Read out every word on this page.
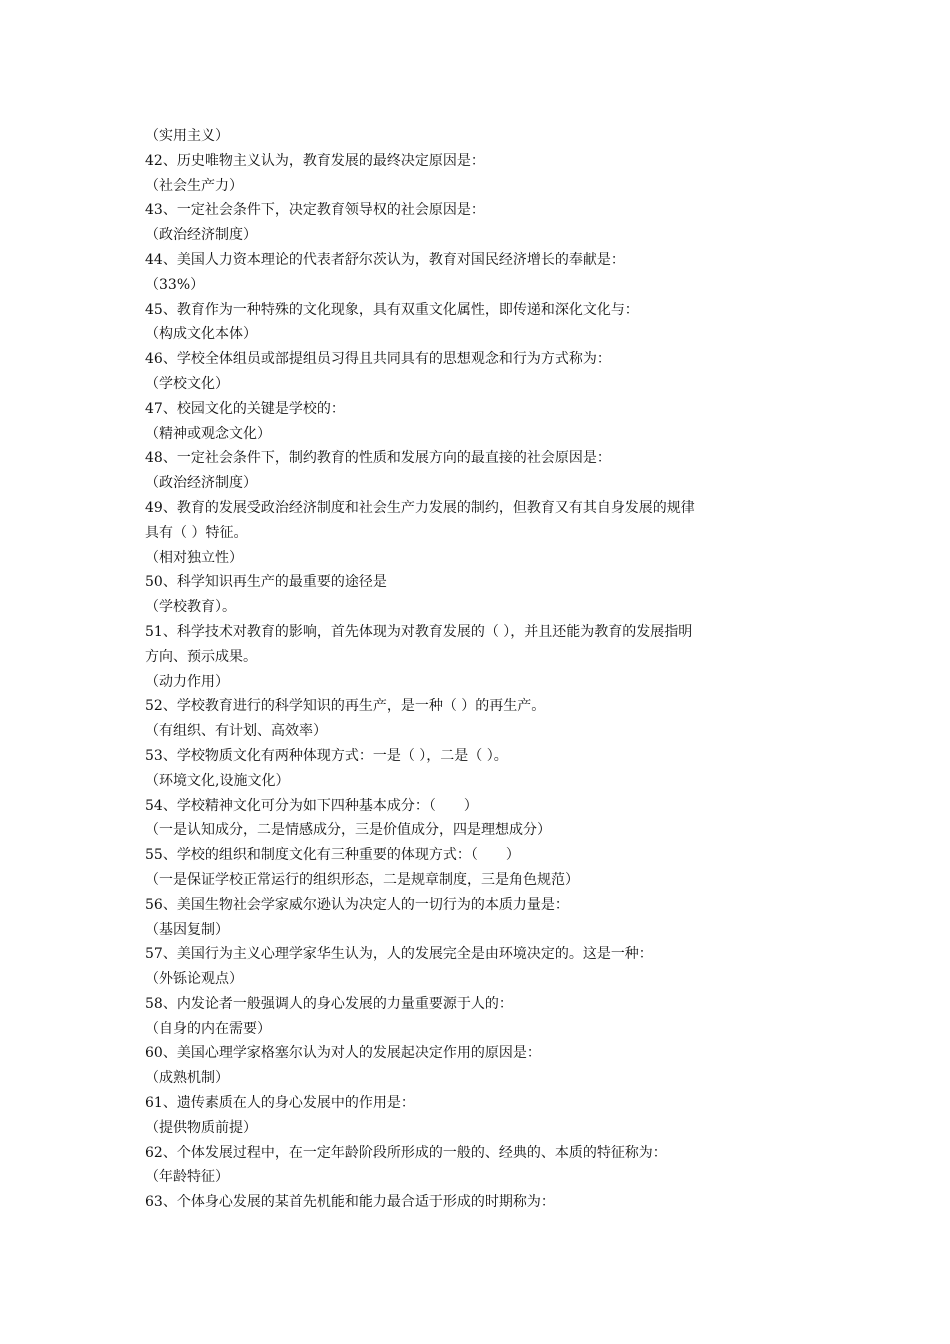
（实用主义）
42、历史唯物主义认为，教育发展的最终决定原因是：
（社会生产力）
43、一定社会条件下，决定教育领导权的社会原因是：
（政治经济制度）
44、美国人力资本理论的代表者舒尔茨认为，教育对国民经济增长的奉献是：
（33%）
45、教育作为一种特殊的文化现象，具有双重文化属性，即传递和深化文化与：
（构成文化本体）
46、学校全体组员或部提组员习得且共同具有的思想观念和行为方式称为：
（学校文化）
47、校园文化的关键是学校的：
（精神或观念文化）
48、一定社会条件下，制约教育的性质和发展方向的最直接的社会原因是：
（政治经济制度）
49、教育的发展受政治经济制度和社会生产力发展的制约，但教育又有其自身发展的规律
具有（ ）特征。
（相对独立性）
50、科学知识再生产的最重要的途径是
（学校教育）。
51、科学技术对教育的影响，首先体现为对教育发展的（ ），并且还能为教育的发展指明
方向、预示成果。
（动力作用）
52、学校教育进行的科学知识的再生产，是一种（ ）的再生产。
（有组织、有计划、高效率）
53、学校物质文化有两种体现方式：一是（ ），二是（ ）。
（环境文化,设施文化）
54、学校精神文化可分为如下四种基本成分：（　　）
（一是认知成分，二是情感成分，三是价值成分，四是理想成分）
55、学校的组织和制度文化有三种重要的体现方式：（　　）
（一是保证学校正常运行的组织形态，二是规章制度，三是角色规范）
56、美国生物社会学家威尔逊认为决定人的一切行为的本质力量是：
（基因复制）
57、美国行为主义心理学家华生认为，人的发展完全是由环境决定的。这是一种：
（外铄论观点）
58、内发论者一般强调人的身心发展的力量重要源于人的：
（自身的内在需要）
60、美国心理学家格塞尔认为对人的发展起决定作用的原因是：
（成熟机制）
61、遗传素质在人的身心发展中的作用是：
（提供物质前提）
62、个体发展过程中，在一定年龄阶段所形成的一般的、经典的、本质的特征称为：
（年龄特征）
63、个体身心发展的某首先机能和能力最合适于形成的时期称为：
